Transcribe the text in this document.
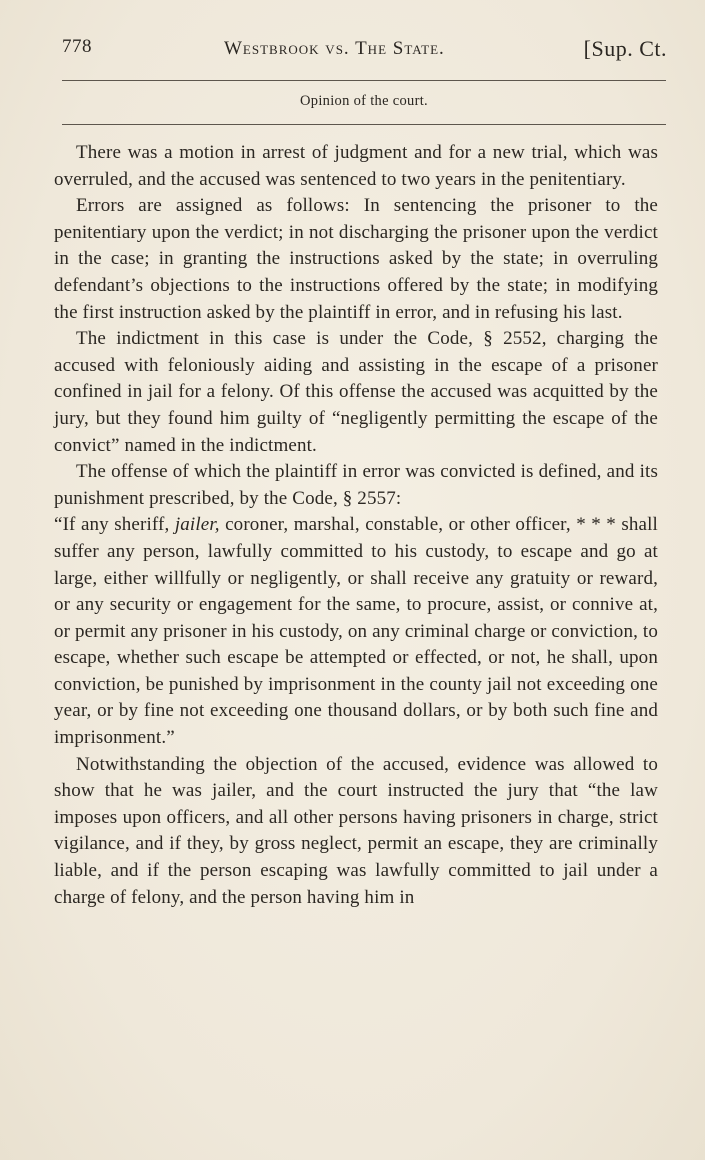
778	Westbrook vs. The State.	[Sup. Ct.
Opinion of the court.

There was a motion in arrest of judgment and for a new trial, which was overruled, and the accused was sentenced to two years in the penitentiary.

Errors are assigned as follows: In sentencing the prisoner to the penitentiary upon the verdict; in not discharging the prisoner upon the verdict in the case; in granting the instructions asked by the state; in overruling defendant’s objections to the instructions offered by the state; in modifying the first instruction asked by the plaintiff in error, and in refusing his last.

The indictment in this case is under the Code, § 2552, charging the accused with feloniously aiding and assisting in the escape of a prisoner confined in jail for a felony. Of this offense the accused was acquitted by the jury, but they found him guilty of “negligently permitting the escape of the convict” named in the indictment.

The offense of which the plaintiff in error was convicted is defined, and its punishment prescribed, by the Code, § 2557:

“If any sheriff, jailer, coroner, marshal, constable, or other officer, * * * shall suffer any person, lawfully committed to his custody, to escape and go at large, either willfully or negligently, or shall receive any gratuity or reward, or any security or engagement for the same, to procure, assist, or connive at, or permit any prisoner in his custody, on any criminal charge or conviction, to escape, whether such escape be attempted or effected, or not, he shall, upon conviction, be punished by imprisonment in the county jail not exceeding one year, or by fine not exceeding one thousand dollars, or by both such fine and imprisonment.”

Notwithstanding the objection of the accused, evidence was allowed to show that he was jailer, and the court instructed the jury that “the law imposes upon officers, and all other persons having prisoners in charge, strict vigilance, and if they, by gross neglect, permit an escape, they are criminally liable, and if the person escaping was lawfully committed to jail under a charge of felony, and the person having him in
